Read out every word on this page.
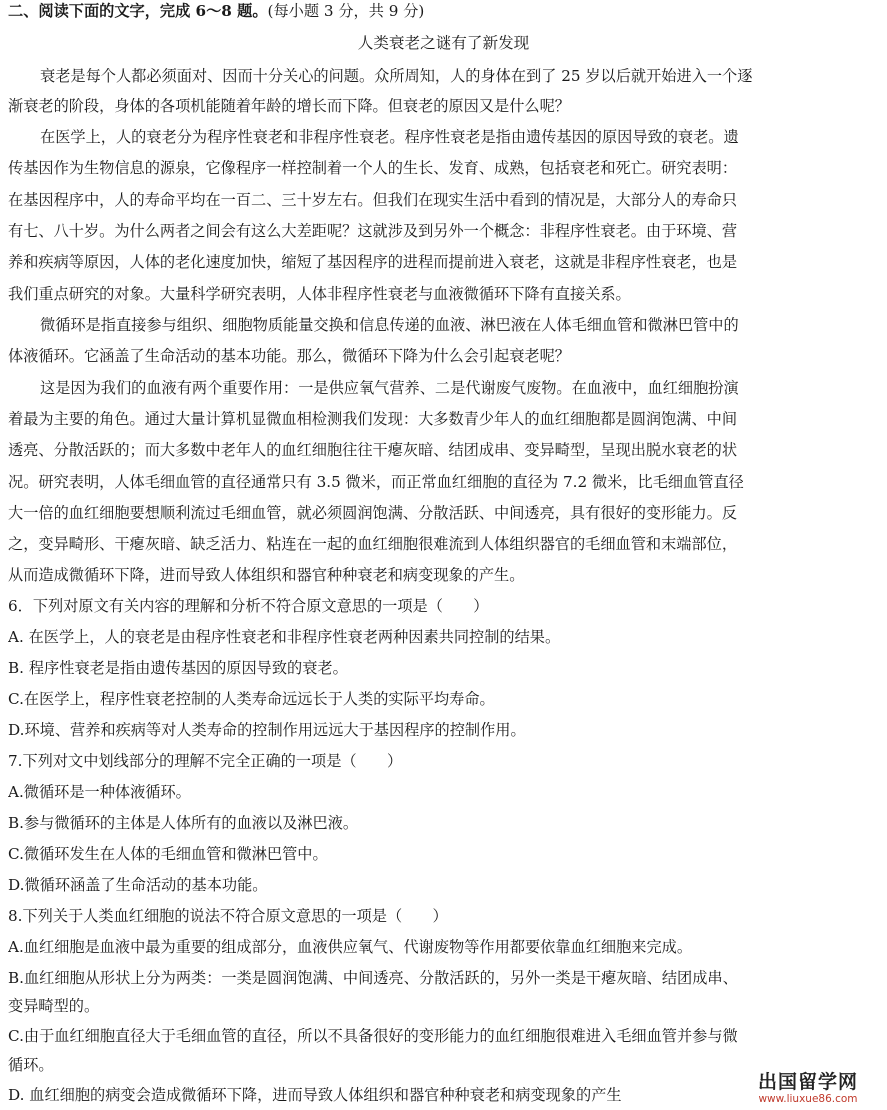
二、阅读下面的文字，完成 6～8 题。(每小题 3 分，共 9 分)
人类衰老之谜有了新发现
衰老是每个人都必须面对、因而十分关心的问题。众所周知，人的身体在到了 25 岁以后就开始进入一个逐
渐衰老的阶段，身体的各项机能随着年龄的增长而下降。但衰老的原因又是什么呢？
在医学上，人的衰老分为程序性衰老和非程序性衰老。程序性衰老是指由遗传基因的原因导致的衰老。遗
传基因作为生物信息的源泉，它像程序一样控制着一个人的生长、发育、成熟，包括衰老和死亡。研究表明：
在基因程序中，人的寿命平均在一百二、三十岁左右。但我们在现实生活中看到的情况是，大部分人的寿命只
有七、八十岁。为什么两者之间会有这么大差距呢？这就涉及到另外一个概念：非程序性衰老。由于环境、营
养和疾病等原因，人体的老化速度加快，缩短了基因程序的进程而提前进入衰老，这就是非程序性衰老，也是
我们重点研究的对象。大量科学研究表明，人体非程序性衰老与血液微循环下降有直接关系。
微循环是指直接参与组织、细胞物质能量交换和信息传递的血液、淋巴液在人体毛细血管和微淋巴管中的
体液循环。它涵盖了生命活动的基本功能。那么，微循环下降为什么会引起衰老呢？
这是因为我们的血液有两个重要作用：一是供应氧气营养、二是代谢废气废物。在血液中，血红细胞扮演
着最为主要的角色。通过大量计算机显微血相检测我们发现：大多数青少年人的血红细胞都是圆润饱满、中间
透亮、分散活跃的；而大多数中老年人的血红细胞往往干瘪灰暗、结团成串、变异畸型，呈现出脱水衰老的状
况。研究表明，人体毛细血管的直径通常只有 3.5 微米，而正常血红细胞的直径为 7.2 微米，比毛细血管直径
大一倍的血红细胞要想顺利流过毛细血管，就必须圆润饱满、分散活跃、中间透亮，具有很好的变形能力。反
之，变异畸形、干瘪灰暗、缺乏活力、粘连在一起的血红细胞很难流到人体组织器官的毛细血管和末端部位，
从而造成微循环下降，进而导致人体组织和器官种种衰老和病变现象的产生。
6．下列对原文有关内容的理解和分析不符合原文意思的一项是（　　）
A. 在医学上，人的衰老是由程序性衰老和非程序性衰老两种因素共同控制的结果。
B. 程序性衰老是指由遗传基因的原因导致的衰老。
C.在医学上，程序性衰老控制的人类寿命远远长于人类的实际平均寿命。
D.环境、营养和疾病等对人类寿命的控制作用远远大于基因程序的控制作用。
7.下列对文中划线部分的理解不完全正确的一项是（　　）
A.微循环是一种体液循环。
B.参与微循环的主体是人体所有的血液以及淋巴液。
C.微循环发生在人体的毛细血管和微淋巴管中。
D.微循环涵盖了生命活动的基本功能。
8.下列关于人类血红细胞的说法不符合原文意思的一项是（　　）
A.血红细胞是血液中最为重要的组成部分，血液供应氧气、代谢废物等作用都要依靠血红细胞来完成。
B.血红细胞从形状上分为两类：一类是圆润饱满、中间透亮、分散活跃的，另外一类是干瘪灰暗、结团成串、
变异畸型的。
C.由于血红细胞直径大于毛细血管的直径，所以不具备很好的变形能力的血红细胞很难进入毛细血管并参与微
循环。
D. 血红细胞的病变会造成微循环下降，进而导致人体组织和器官种种衰老和病变现象的产生
出国留学网
www.liuxue86.com
